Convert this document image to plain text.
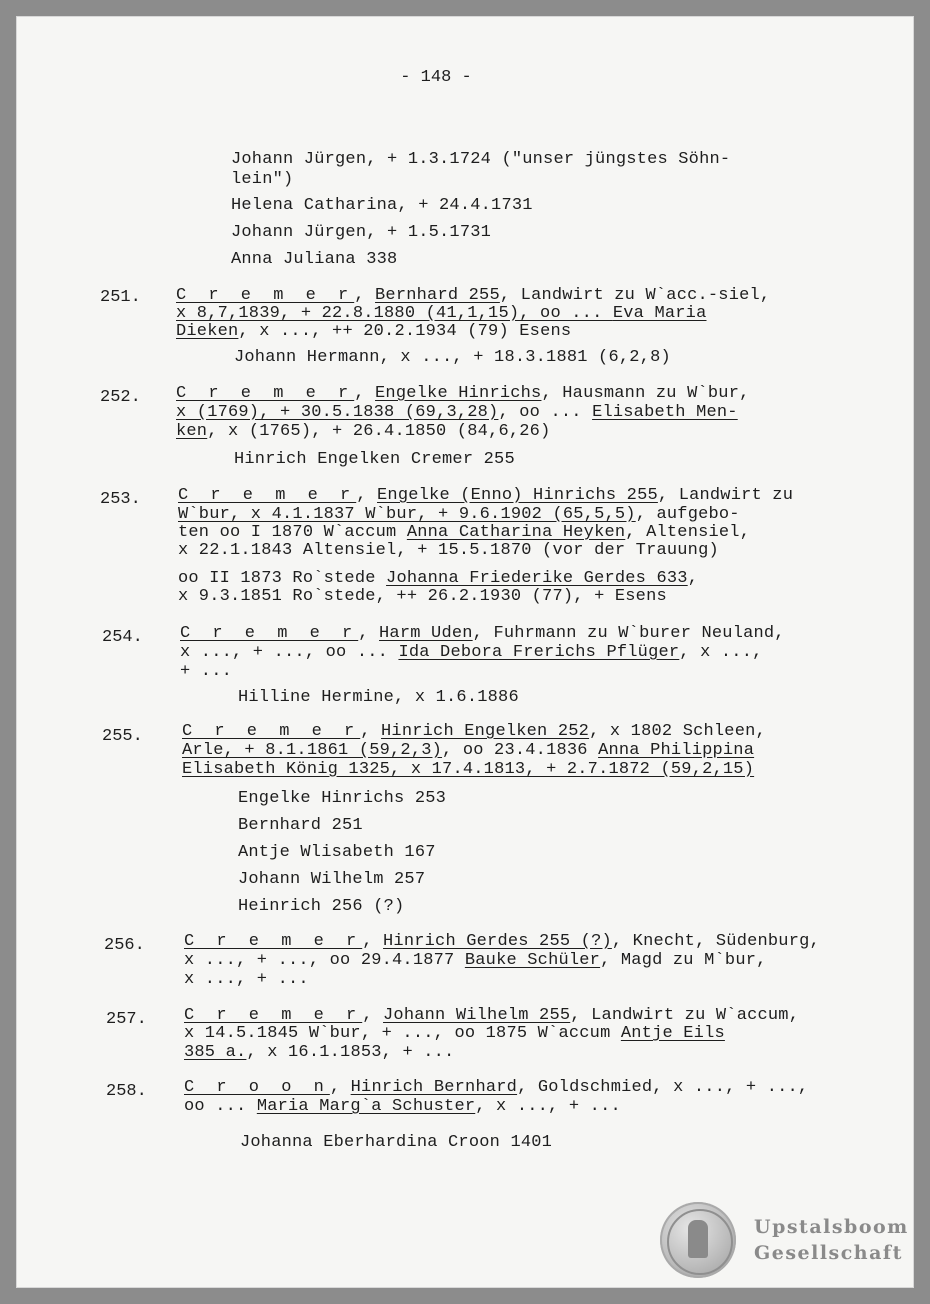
- 148 -
Johann Jürgen, + 1.3.1724 ("unser jüngstes Söhn-
lein")
Helena Catharina, + 24.4.1731
Johann Jürgen, + 1.5.1731
Anna Juliana 338
251. C r e m e r, Bernhard 255, Landwirt zu W`acc.-siel,
x 8,7,1839, + 22.8.1880 (41,1,15), oo ... Eva Maria
Dieken, x ..., ++ 20.2.1934 (79) Esens
Johann Hermann, x ..., + 18.3.1881 (6,2,8)
252. C r e m e r, Engelke Hinrichs, Hausmann zu W`bur,
x (1769), + 30.5.1838 (69,3,28), oo ... Elisabeth Men-
ken, x (1765), + 26.4.1850 (84,6,26)
Hinrich Engelken Cremer 255
253. C r e m e r, Engelke (Enno) Hinrichs 255, Landwirt zu
W`bur, x 4.1.1837 W`bur, + 9.6.1902 (65,5,5), aufgebo-
ten oo I 1870 W`accum Anna Catharina Heyken, Altensiel,
x 22.1.1843 Altensiel, + 15.5.1870 (vor der Trauung)
oo II 1873 Ro`stede Johanna Friederike Gerdes 633,
x 9.3.1851 Ro`stede, ++ 26.2.1930 (77), + Esens
254. C r e m e r, Harm Uden, Fuhrmann zu W`burer Neuland,
x ..., + ..., oo ... Ida Debora Frerichs Pflüger, x ...,
+ ...
Hilline Hermine, x 1.6.1886
255. C r e m e r, Hinrich Engelken 252, x 1802 Schleen,
Arle, + 8.1.1861 (59,2,3), oo 23.4.1836 Anna Philippina
Elisabeth König 1325, x 17.4.1813, + 2.7.1872 (59,2,15)
Engelke Hinrichs 253
Bernhard 251
Antje Wlisabeth 167
Johann Wilhelm 257
Heinrich 256 (?)
256. C r e m e r, Hinrich Gerdes 255 (?), Knecht, Südenburg,
x ..., + ..., oo 29.4.1877 Bauke Schüler, Magd zu M`bur,
x ..., + ...
257. C r e m e r, Johann Wilhelm 255, Landwirt zu W`accum,
x 14.5.1845 W`bur, + ..., oo 1875 W`accum Antje Eils
385 a., x 16.1.1853, + ...
258. C r o o n, Hinrich Bernhard, Goldschmied, x ..., + ...,
oo ... Maria Marg`a Schuster, x ..., + ...
Johanna Eberhardina Croon 1401
Upstalsboom
Gesellschaft
